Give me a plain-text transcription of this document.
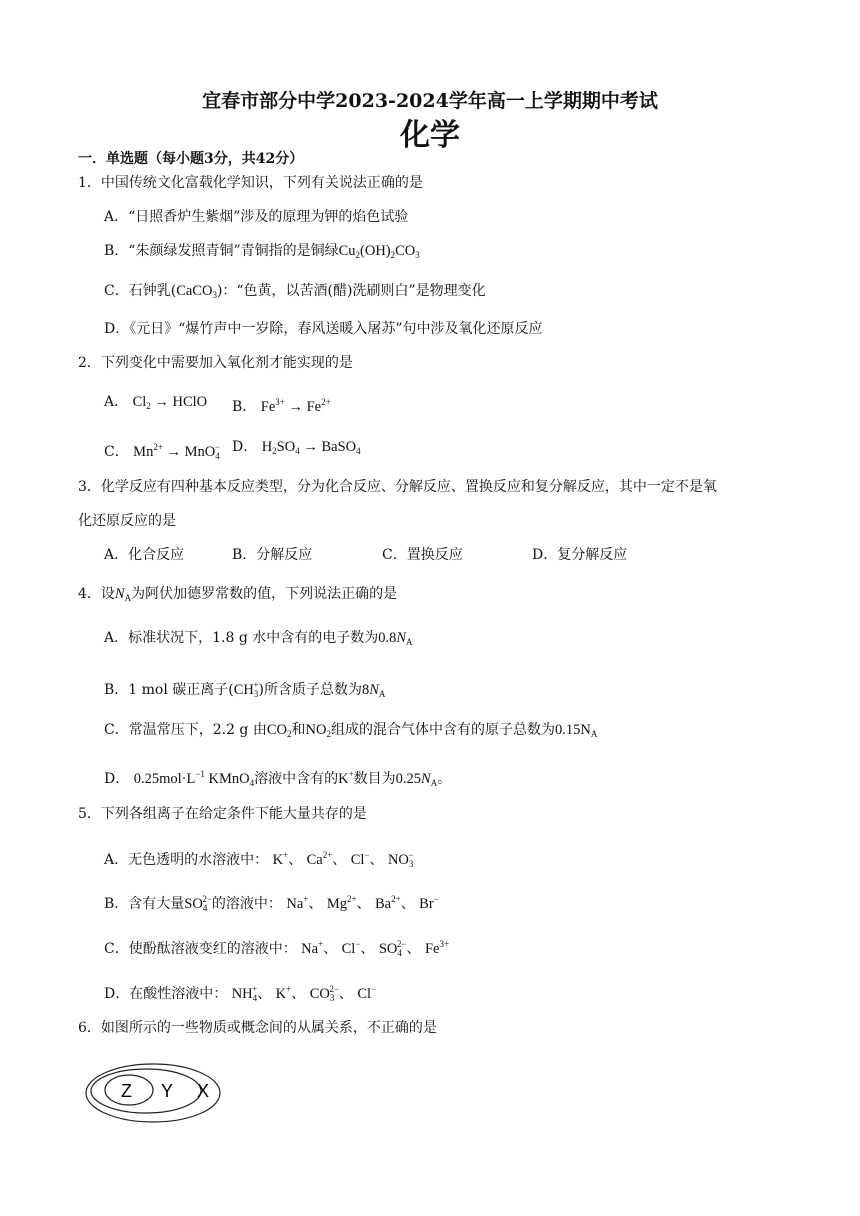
宜春市部分中学2023-2024学年高一上学期期中考试
化学
一．单选题（每小题3分，共42分）
1．中国传统文化富载化学知识，下列有关说法正确的是
A．“日照香炉生紫烟”涉及的原理为钾的焰色试验
B．“朱颜绿发照青铜”青铜指的是铜绿$Cu_2(OH)_2CO_3$
C．石钟乳(CaCO$_3$)：“色黄，以苦酒(醋)洗刷则白”是物理变化
D．《元日》“爆竹声中一岁除，春风送暖入屠苏”句中涉及氧化还原反应
2．下列变化中需要加入氧化剂才能实现的是
A． $Cl_2$ → HClO B． $Fe^{3+} \to Fe^{2+}$
C． $Mn^{2+} \to MnO_4^-$ D． $H_2SO_4$ → BaSO$_4$
3．化学反应有四种基本反应类型，分为化合反应、分解反应、置换反应和复分解反应，其中一定不是氧
化还原反应的是
A．化合反应	B．分解反应	C．置换反应	D．复分解反应
4．设$N_A$为阿伏加德罗常数的值，下列说法正确的是
A．标准状况下，1.8 g 水中含有的电子数为$0.8N_A$
B．1 mol 碳正离子$(CH_3^+)$所含质子总数为$8N_A$
C．常温常压下，2.2 g 由$CO_2$和$NO_2$组成的混合气体中含有的原子总数为$0.15N_A$
D． $0.25mol\cdot L^{-1}$ KMnO$_4$溶液中含有的K+数目为$0.25N_A$。
5．下列各组离子在给定条件下能大量共存的是
A．无色透明的水溶液中： K+、 $Ca^{2+}$、 Cl−、 $NO_3^-$
B．含有大量$SO_4^{2-}$的溶液中： Na+、 $Mg^{2+}$、 $Ba^{2+}$、 Br−
C．使酚酞溶液变红的溶液中： Na+、 Cl−、 $SO_4^{2-}$、 $Fe^{3+}$
D．在酸性溶液中： $NH_4^+$、 K+、 $CO_3^{2-}$、 Cl−
6．如图所示的一些物质或概念间的从属关系，不正确的是
Z Y X
